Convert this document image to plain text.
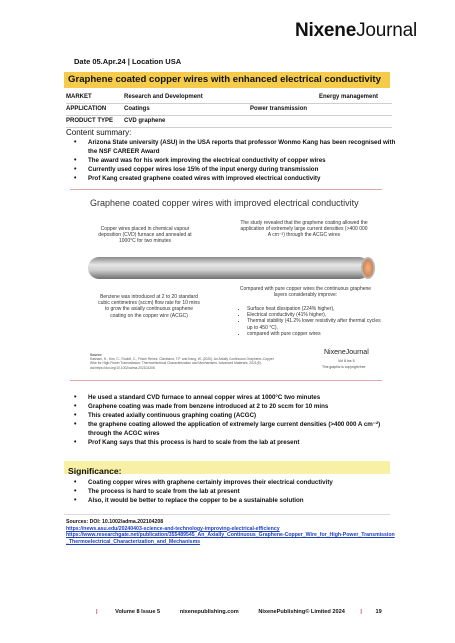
NixeneJournal
Date 05.Apr.24 | Location USA
Graphene coated copper wires with enhanced electrical conductivity
MARKET	Research and Development	Energy management
APPLICATION	Coatings	Power transmission
PRODUCT TYPE CVD graphene
Content summary:
• Arizona State university (ASU) in the USA reports that professor Wonmo Kang has been recognised with the NSF CAREER Award
• The award was for his work improving the electrical conductivity of copper wires
• Currently used copper wires lose 15% of the input energy during transmission
• Prof Kang created graphene coated wires with improved electrical conductivity
Graphene coated copper wires with improved electrical conductivity
Copper wires placed in chemical vapour deposition (CVD) furnace and annealed at 1000°C for two minutes
The study revealed that the graphene coating allowed the application of extremely large current densities (>400 000 A cm⁻²) through the ACGC wires
Benzene was introduced at 2 to 20 standard cubic centimetres (sccm) flow rate for 10 mins to grow the axially continuous graphene coating on the copper wire (ACGC)
Compared with pure copper wires the continuous graphene layers considerably improve:
• Surface heat dissipation (224% higher),
• Electrical conductivity (41% higher),
• Thermal stability (41.2% lower resistivity after thermal cycles up to 450 °C),
• compared with pure copper wires
Source:
Kashani, H., Kim, C., Rudolf, C., Frisch Reinrs, Claveland, T.P. and Kang, W. (2020). An Axially Continuous Graphene–Copper Wire for High-Power Transmission: Thermoelectrical Characterization and Mechanisms. Advanced Materials, 2021(5).
doi:https://doi.org/10.1002/adma.202104208
NixeneJournal
Vol 8 Iss 5
This graphic is copyright free
• He used a standard CVD furnace to anneal copper wires at 1000°C two minutes
• Graphene coating was made from benzene introduced at 2 to 20 sccm for 10 mins
• This created axially continuous graphing coating (ACGC)
• the graphene coating allowed the application of extremely large current densities (>400 000 A cm⁻²) through the ACGC wires
• Prof Kang says that this process is hard to scale from the lab at present
Significance:
• Coating copper wires with graphene certainly improves their electrical conductivity
• The process is hard to scale from the lab at present
• Also, it would be better to replace the copper to be a sustainable solution
Sources: DOI: 10.1002/adma.202104208
https://news.asu.edu/20240403-science-and-technology-improving-electrical-efficiency
https://www.researchgate.net/publication/355489545_An_Axially_Continuous_Graphene-Copper_Wire_for_High-Power_Transmission_Thermoelectrical_Characterization_and_Mechanisms
|	Volume 8 Issue 5	nixenepublishing.com	NixenePublishing© Limited 2024	| 19
